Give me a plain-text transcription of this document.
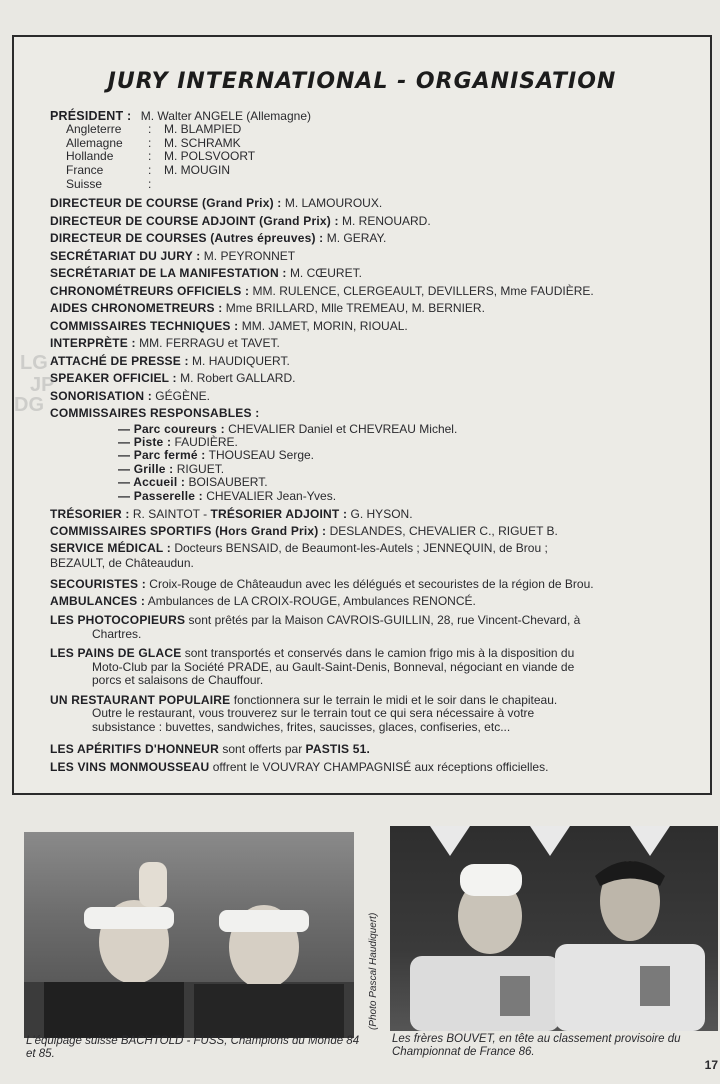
JURY INTERNATIONAL - ORGANISATION
PRÉSIDENT : M. Walter ANGELE (Allemagne)
Angleterre	:	M. BLAMPIED
Allemagne	:	M. SCHRAMK
Hollande	:	M. POLSVOORT
France	:	M. MOUGIN
Suisse	:
DIRECTEUR DE COURSE (Grand Prix) : M. LAMOUROUX.
DIRECTEUR DE COURSE ADJOINT (Grand Prix) : M. RENOUARD.
DIRECTEUR DE COURSES (Autres épreuves) : M. GERAY.
SECRÉTARIAT DU JURY : M. PEYRONNET
SECRÉTARIAT DE LA MANIFESTATION : M. CŒURET.
CHRONOMÉTREURS OFFICIELS : MM. RULENCE, CLERGEAULT, DEVILLERS, Mme FAUDIÈRE.
AIDES CHRONOMETREURS : Mme BRILLARD, Mlle TREMEAU, M. BERNIER.
COMMISSAIRES TECHNIQUES : MM. JAMET, MORIN, RIOUAL.
INTERPRÈTE : MM. FERRAGU et TAVET.
ATTACHÉ DE PRESSE : M. HAUDIQUERT.
SPEAKER OFFICIEL : M. Robert GALLARD.
SONORISATION : GÉGÈNE.
COMMISSAIRES RESPONSABLES :
— Parc coureurs : CHEVALIER Daniel et CHEVREAU Michel.
— Piste : FAUDIÈRE.
— Parc fermé : THOUSEAU Serge.
— Grille : RIGUET.
— Accueil : BOISAUBERT.
— Passerelle : CHEVALIER Jean-Yves.
TRÉSORIER : R. SAINTOT - TRÉSORIER ADJOINT : G. HYSON.
COMMISSAIRES SPORTIFS (Hors Grand Prix) : DESLANDES, CHEVALIER C., RIGUET B.
SERVICE MÉDICAL : Docteurs BENSAID, de Beaumont-les-Autels ; JENNEQUIN, de Brou ;
BEZAULT, de Châteaudun.
SECOURISTES : Croix-Rouge de Châteaudun avec les délégués et secouristes de la région de Brou.
AMBULANCES : Ambulances de LA CROIX-ROUGE, Ambulances RENONCÉ.
LES PHOTOCOPIEURS sont prêtés par la Maison CAVROIS-GUILLIN, 28, rue Vincent-Chevard, à
Chartres.
LES PAINS DE GLACE sont transportés et conservés dans le camion frigo mis à la disposition du
Moto-Club par la Société PRADE, au Gault-Saint-Denis, Bonneval, négociant en viande de
porcs et salaisons de Chauffour.
UN RESTAURANT POPULAIRE fonctionnera sur le terrain le midi et le soir dans le chapiteau.
Outre le restaurant, vous trouverez sur le terrain tout ce qui sera nécessaire à votre
subsistance : buvettes, sandwiches, frites, saucisses, glaces, confiseries, etc...
LES APÉRITIFS D'HONNEUR sont offerts par PASTIS 51.
LES VINS MONMOUSSEAU offrent le VOUVRAY CHAMPAGNISÉ aux réceptions officielles.
LG
JP
DG
(Photo Pascal Haudiquert)
L'équipage suisse BACHTOLD - FUSS, Champions du Monde 84 et 85.
Les frères BOUVET, en tête au classement provisoire du Championnat de France 86.
17
